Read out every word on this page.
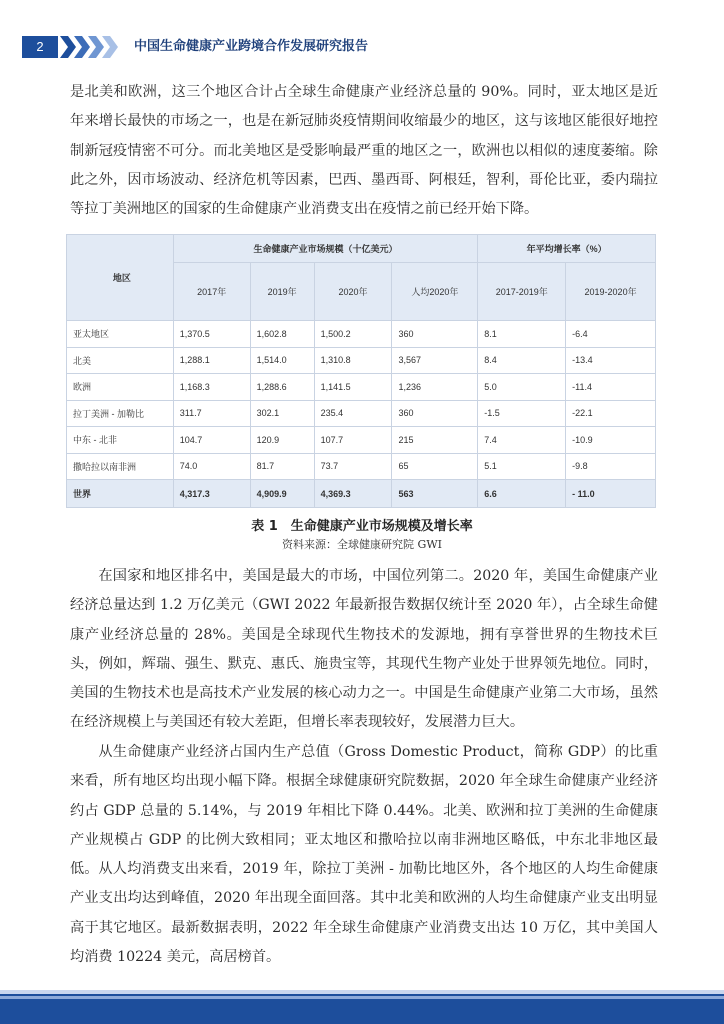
2	中国生命健康产业跨境合作发展研究报告

是北美和欧洲，这三个地区合计占全球生命健康产业经济总量的 90%。同时，亚太地区是近年来增长最快的市场之一，也是在新冠肺炎疫情期间收缩最少的地区，这与该地区能很好地控制新冠疫情密不可分。而北美地区是受影响最严重的地区之一，欧洲也以相似的速度萎缩。除此之外，因市场波动、经济危机等因素，巴西、墨西哥、阿根廷，智利，哥伦比亚，委内瑞拉等拉丁美洲地区的国家的生命健康产业消费支出在疫情之前已经开始下降。

地区	生命健康产业市场规模（十亿美元）				年平均增长率（%）	
	2017年	2019年	2020年	人均2020年	2017-2019年	2019-2020年
亚太地区	1,370.5	1,602.8	1,500.2	360	8.1	-6.4
北美	1,288.1	1,514.0	1,310.8	3,567	8.4	-13.4
欧洲	1,168.3	1,288.6	1,141.5	1,236	5.0	-11.4
拉丁美洲 - 加勒比	311.7	302.1	235.4	360	-1.5	-22.1
中东 - 北非	104.7	120.9	107.7	215	7.4	-10.9
撒哈拉以南非洲	74.0	81.7	73.7	65	5.1	-9.8
世界	4,317.3	4,909.9	4,369.3	563	6.6	- 11.0
表 1　生命健康产业市场规模及增长率
资料来源：全球健康研究院 GWI

在国家和地区排名中，美国是最大的市场，中国位列第二。2020 年，美国生命健康产业经济总量达到 1.2 万亿美元（GWI 2022 年最新报告数据仅统计至 2020 年），占全球生命健康产业经济总量的 28%。美国是全球现代生物技术的发源地，拥有享誉世界的生物技术巨头，例如，辉瑞、强生、默克、惠氏、施贵宝等，其现代生物产业处于世界领先地位。同时，美国的生物技术也是高技术产业发展的核心动力之一。中国是生命健康产业第二大市场，虽然在经济规模上与美国还有较大差距，但增长率表现较好，发展潜力巨大。

从生命健康产业经济占国内生产总值（Gross Domestic Product，简称 GDP）的比重来看，所有地区均出现小幅下降。根据全球健康研究院数据，2020 年全球生命健康产业经济约占 GDP 总量的 5.14%，与 2019 年相比下降 0.44%。北美、欧洲和拉丁美洲的生命健康产业规模占 GDP 的比例大致相同；亚太地区和撒哈拉以南非洲地区略低，中东北非地区最低。 从人均消费支出来看，2019 年，除拉丁美洲 - 加勒比地区外，各个地区的人均生命健康产业支出均达到峰值，2020 年出现全面回落。其中北美和欧洲的人均生命健康产业支出明显高于其它地区。最新数据表明，2022 年全球生命健康产业消费支出达 10 万亿，其中美国人均消费 10224 美元，高居榜首。
